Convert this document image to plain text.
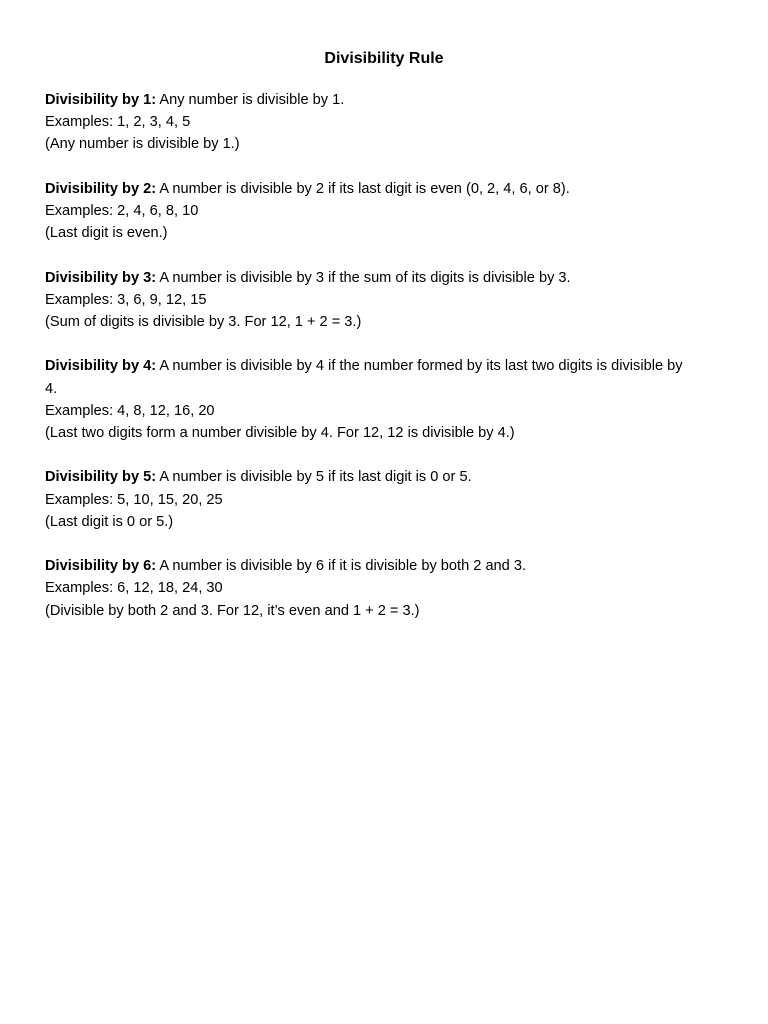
Divisibility Rule
Divisibility by 1: Any number is divisible by 1.
Examples: 1, 2, 3, 4, 5
(Any number is divisible by 1.)
Divisibility by 2: A number is divisible by 2 if its last digit is even (0, 2, 4, 6, or 8).
Examples: 2, 4, 6, 8, 10
(Last digit is even.)
Divisibility by 3: A number is divisible by 3 if the sum of its digits is divisible by 3.
Examples: 3, 6, 9, 12, 15
(Sum of digits is divisible by 3. For 12, 1 + 2 = 3.)
Divisibility by 4: A number is divisible by 4 if the number formed by its last two digits is divisible by 4.
Examples: 4, 8, 12, 16, 20
(Last two digits form a number divisible by 4. For 12, 12 is divisible by 4.)
Divisibility by 5: A number is divisible by 5 if its last digit is 0 or 5.
Examples: 5, 10, 15, 20, 25
(Last digit is 0 or 5.)
Divisibility by 6: A number is divisible by 6 if it is divisible by both 2 and 3.
Examples: 6, 12, 18, 24, 30
(Divisible by both 2 and 3. For 12, it’s even and 1 + 2 = 3.)
